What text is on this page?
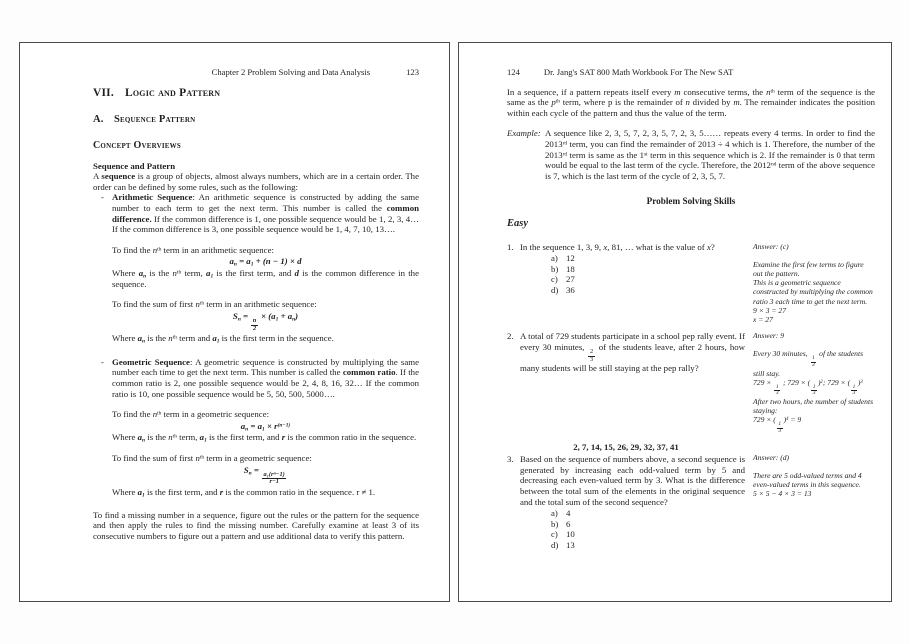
Chapter 2 Problem Solving and Data Analysis	123
VII. Logic and Pattern
A. Sequence Pattern
Concept Overviews
Sequence and Pattern
A sequence is a group of objects, almost always numbers, which are in a certain order. The order can be defined by some rules, such as the following:
- Arithmetic Sequence: An arithmetic sequence is constructed by adding the same number to each term to get the next term. This number is called the common difference. If the common difference is 1, one possible sequence would be 1, 2, 3, 4… If the common difference is 3, one possible sequence would be 1, 4, 7, 10, 13….
To find the $n^{th}$ term in an arithmetic sequence:
$a_n = a_1 + (n - 1) \times d$
Where $a_n$ is the $n^{th}$ term, $a_1$ is the first term, and d is the common difference in the sequence.
To find the sum of first $n^{th}$ term in an arithmetic sequence:
$S_n$ =
$\frac{n}{2}$
× $(a_1 + a_n)$
Where $a_n$ is the $n^{th}$ term and $a_1$ is the first term in the sequence.
- Geometric Sequence: A geometric sequence is constructed by multiplying the same number each time to get the next term. This number is called the common ratio. If the common ratio is 2, one possible sequence would be 2, 4, 8, 16, 32… If the common ratio is 10, one possible sequence would be 5, 50, 500, 5000….
To find the $n^{th}$ term in a geometric sequence:
$a_n = a_1 \times r^{(n-1)}$
Where $a_n$ is the $n^{th}$ term, $a_1$ is the first term, and r is the common ratio in the sequence.
To find the sum of first $n^{th}$ term in a geometric sequence:
$S_n$ =
$\frac{\text{a₁(rⁿ−1)}}{r-1}$
Where $a_1$ is the first term, and r is the common ratio in the sequence. r ≠ 1.
To find a missing number in a sequence, figure out the rules or the pattern for the sequence and then apply the rules to find the missing number. Carefully examine at least 3 of its consecutive numbers to figure out a pattern and use additional data to verify this pattern.
124	Dr. Jang's SAT 800 Math Workbook For The New SAT
In a sequence, if a pattern repeats itself every m consecutive terms, the $n^{th}$ term of the sequence is the same as the $p^{th}$ term, where p is the remainder of n divided by m. The remainder indicates the position within each cycle of the pattern and thus the value of the term.
Example: A sequence like 2, 3, 5, 7, 2, 3, 5, 7, 2, 3, 5…… repeats every 4 terms. In order to find the 2013rd term, you can find the remainder of 2013 ÷ 4 which is 1. Therefore, the number of the 2013rd term is same as the 1st term in this sequence which is 2. If the remainder is 0 that term would be equal to the last term of the cycle. Therefore, the 2012nd term of the above sequence is 7, which is the last term of the cycle of 2, 3, 5, 7.
Problem Solving Skills
Easy
1. In the sequence 1, 3, 9, x, 81, … what is the value of x?
a) 12
b) 18
c) 27
d) 36
Answer: (c)
Examine the first few terms to figure out the pattern.
This is a geometric sequence constructed by multiplying the common ratio 3 each time to get the next term.
9 × 3 = 27
x = 27
2. A total of 729 students participate in a school pep rally event. If every 30 minutes,
$\frac{2}{3}$
of the students leave, after 2 hours, how many students will be still staying at the pep rally?
Answer: 9
Every 30 minutes,
$\frac{1}{3}$
of the students still stay.
729 ×
$\frac{1}{3}$
; 729 × (
$\frac{1}{3}$
)$^2$; 729 × (
$\frac{1}{3}$
)$^3$
After two hours, the number of students staying:
729 × (
$\frac{1}{3}$
)$^4$ = 9
2, 7, 14, 15, 26, 29, 32, 37, 41
3. Based on the sequence of numbers above, a second sequence is generated by increasing each odd-valued term by 5 and decreasing each even-valued term by 3. What is the difference between the total sum of the elements in the original sequence and the total sum of the second sequence?
a) 4
b) 6
c) 10
d) 13
Answer: (d)
There are 5 odd-valued terms and 4 even-valued terms in this sequence.
5 × 5 − 4 × 3 = 13
